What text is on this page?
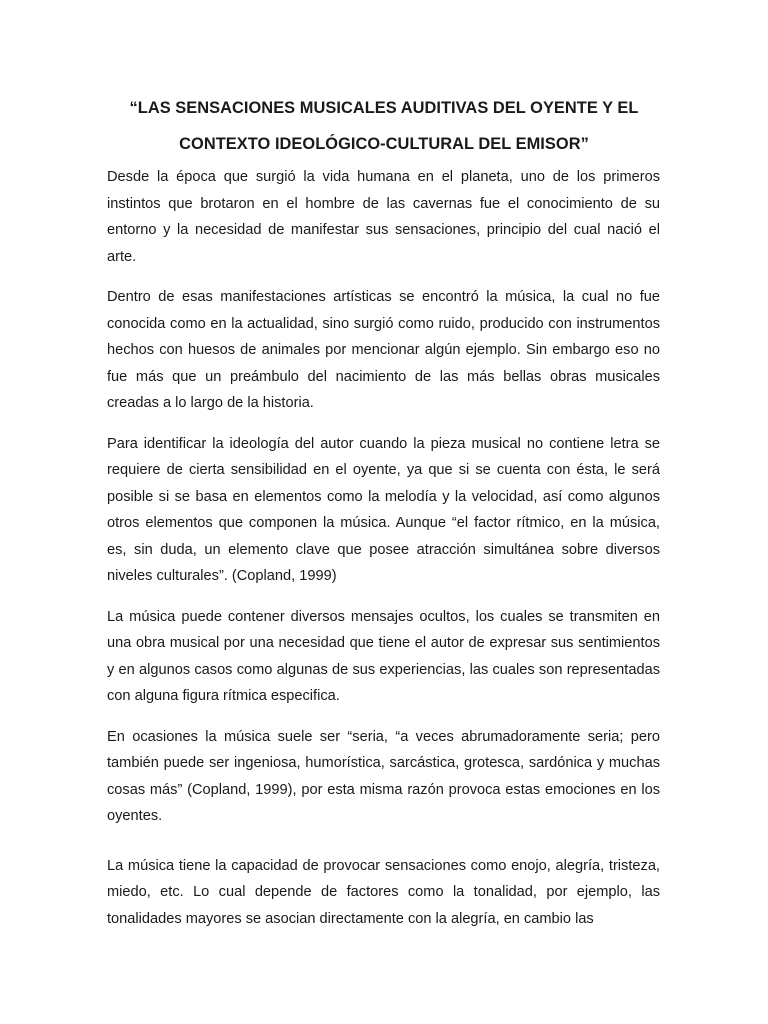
“LAS SENSACIONES MUSICALES AUDITIVAS DEL OYENTE Y EL CONTEXTO IDEOLÓGICO-CULTURAL DEL EMISOR”

Desde la época que surgió la vida humana en el planeta, uno de los primeros instintos que brotaron en el hombre de las cavernas fue el conocimiento de su entorno y la necesidad de manifestar sus sensaciones, principio del cual nació el arte.

Dentro de esas manifestaciones artísticas se encontró la música, la cual no fue conocida como en la actualidad, sino surgió como ruido, producido con instrumentos hechos con huesos de animales por mencionar algún ejemplo. Sin embargo eso no fue más que un preámbulo del nacimiento de las más bellas obras musicales creadas a lo largo de la historia.

Para identificar la ideología del autor cuando la pieza musical no contiene letra se requiere de cierta sensibilidad en el oyente, ya que si se cuenta con ésta, le será posible si se basa en elementos como la melodía y la velocidad, así como algunos otros elementos que componen la música. Aunque “el factor rítmico, en la música, es, sin duda, un elemento clave que posee atracción simultánea sobre diversos niveles culturales”. (Copland, 1999)

La música puede contener diversos mensajes ocultos, los cuales se transmiten en una obra musical por una necesidad que tiene el autor de expresar sus sentimientos y en algunos casos como algunas de sus experiencias, las cuales son representadas con alguna figura rítmica especifica.

En ocasiones la música suele ser “seria, “a veces abrumadoramente seria; pero también puede ser ingeniosa, humorística, sarcástica, grotesca, sardónica y muchas cosas más” (Copland, 1999), por esta misma razón provoca estas emociones en los oyentes.

La música tiene la capacidad de provocar sensaciones como enojo, alegría, tristeza, miedo, etc. Lo cual depende de factores como la tonalidad, por ejemplo, las tonalidades mayores se asocian directamente con la alegría, en cambio las
